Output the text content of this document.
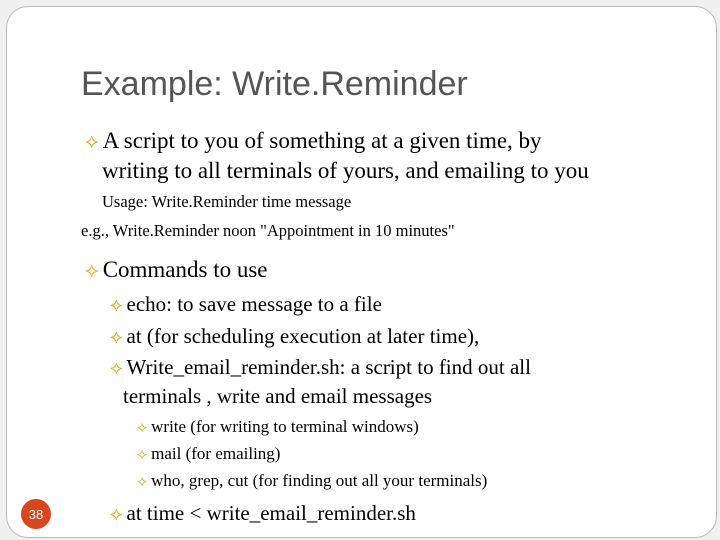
Example: Write.Reminder
⟡ A script to you of something at a given time, by
writing to all terminals of yours, and emailing to you
Usage: Write.Reminder time message
e.g., Write.Reminder noon "Appointment in 10 minutes"
⟡ Commands to use
⟡ echo: to save message to a file
⟡ at (for scheduling execution at later time),
⟡ Write_email_reminder.sh: a script to find out all
terminals , write and email messages
⟡ write (for writing to terminal windows)
⟡ mail (for emailing)
⟡ who, grep, cut (for finding out all your terminals)
⟡ at time < write_email_reminder.sh
38
